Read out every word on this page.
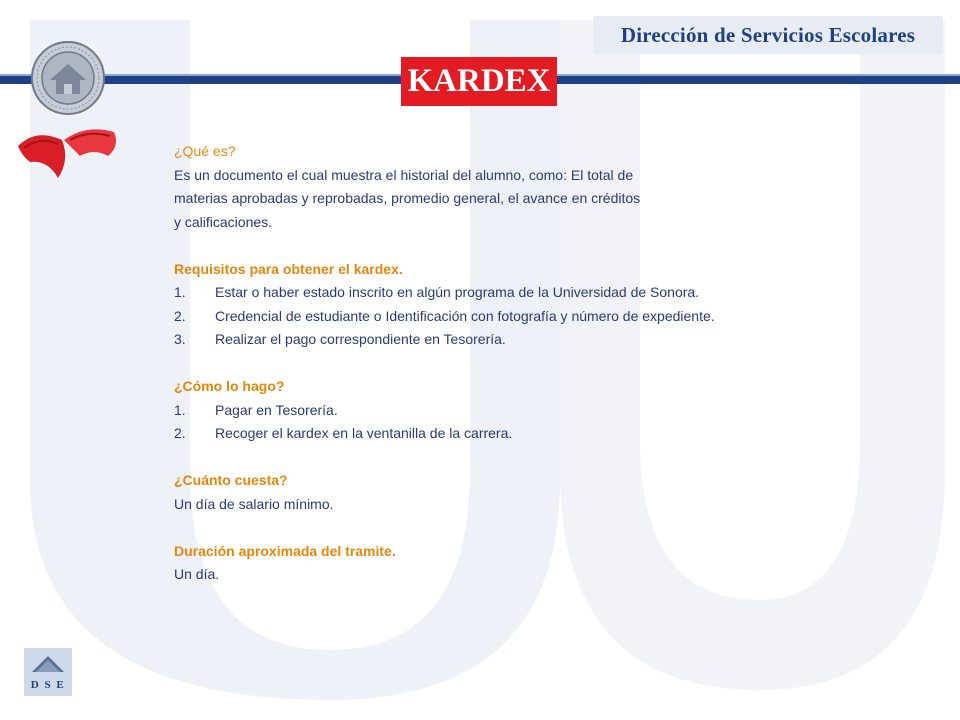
Dirección de Servicios Escolares
KARDEX

¿Qué es?

Es un documento el cual muestra el historial del alumno, como: El total de

materias aprobadas y reprobadas, promedio general, el avance en créditos

y calificaciones.

Requisitos para obtener el kardex.

1.	Estar o haber estado inscrito en algún programa de la Universidad de Sonora.
2.	Credencial de estudiante o Identificación con fotografía y número de expediente.
3.	Realizar el pago correspondiente en Tesorería.

¿Cómo lo hago?

1.	Pagar en Tesorería.
2.	Recoger el kardex en la ventanilla de la carrera.

¿Cuánto cuesta?

Un día de salario mínimo.

Duración aproximada del tramite.

Un día.

D S E
